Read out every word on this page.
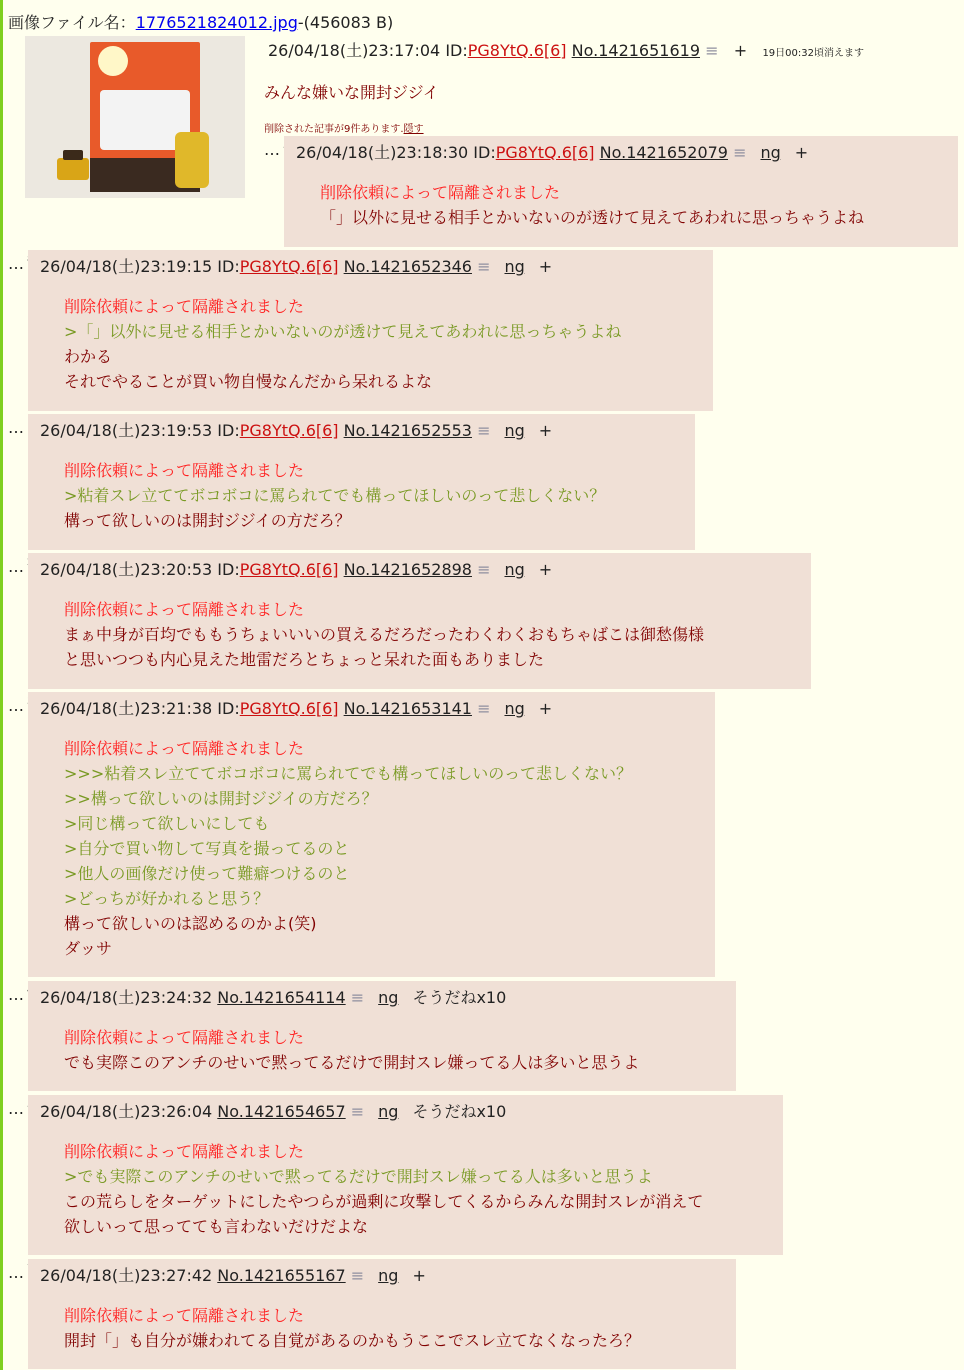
画像ファイル名：1776521824012.jpg-(456083 B)
26/04/18(土)23:17:04 ID:PG8YtQ.6[6] No.1421651619 ≡ + 19日00:32頃消えます
みんな嫌いな開封ジジイ
削除された記事が9件あります.隠す
… 26/04/18(土)23:18:30 ID:PG8YtQ.6[6] No.1421652079 ≡ ng +
削除依頼によって隔離されました
「」以外に見せる相手とかいないのが透けて見えてあわれに思っちゃうよね
… 26/04/18(土)23:19:15 ID:PG8YtQ.6[6] No.1421652346 ≡ ng +
削除依頼によって隔離されました
>「」以外に見せる相手とかいないのが透けて見えてあわれに思っちゃうよね
わかる
それでやることが買い物自慢なんだから呆れるよな
… 26/04/18(土)23:19:53 ID:PG8YtQ.6[6] No.1421652553 ≡ ng +
削除依頼によって隔離されました
>粘着スレ立ててボコボコに罵られてでも構ってほしいのって悲しくない？
構って欲しいのは開封ジジイの方だろ？
… 26/04/18(土)23:20:53 ID:PG8YtQ.6[6] No.1421652898 ≡ ng +
削除依頼によって隔離されました
まぁ中身が百均でももうちょいいいの買えるだろだったわくわくおもちゃばこは御愁傷様
と思いつつも内心見えた地雷だろとちょっと呆れた面もありました
… 26/04/18(土)23:21:38 ID:PG8YtQ.6[6] No.1421653141 ≡ ng +
削除依頼によって隔離されました
>>>粘着スレ立ててボコボコに罵られてでも構ってほしいのって悲しくない？
>>構って欲しいのは開封ジジイの方だろ？
>同じ構って欲しいにしても
>自分で買い物して写真を撮ってるのと
>他人の画像だけ使って難癖つけるのと
>どっちが好かれると思う？
構って欲しいのは認めるのかよ(笑)
ダッサ
… 26/04/18(土)23:24:32 No.1421654114 ≡ ng そうだねx10
削除依頼によって隔離されました
でも実際このアンチのせいで黙ってるだけで開封スレ嫌ってる人は多いと思うよ
… 26/04/18(土)23:26:04 No.1421654657 ≡ ng そうだねx10
削除依頼によって隔離されました
>でも実際このアンチのせいで黙ってるだけで開封スレ嫌ってる人は多いと思うよ
この荒らしをターゲットにしたやつらが過剰に攻撃してくるからみんな開封スレが消えて
欲しいって思ってても言わないだけだよな
… 26/04/18(土)23:27:42 No.1421655167 ≡ ng +
削除依頼によって隔離されました
開封「」も自分が嫌われてる自覚があるのかもうここでスレ立てなくなったろ？
